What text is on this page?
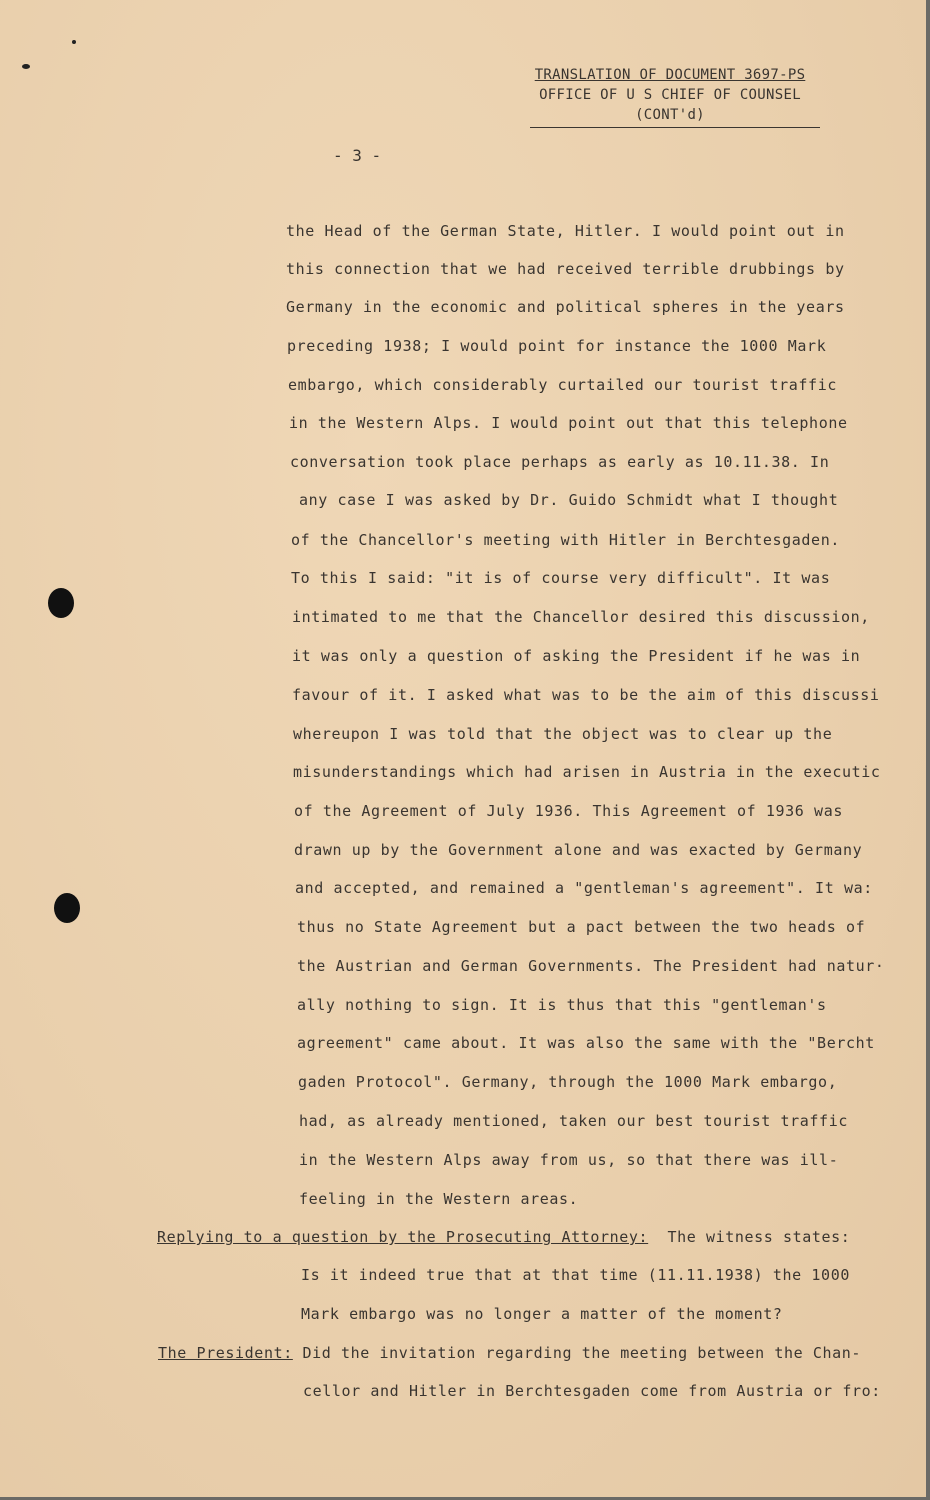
TRANSLATION OF DOCUMENT 3697-PS
OFFICE OF U S CHIEF OF COUNSEL
(CONT'd)
- 3 -
the Head of the German State, Hitler. I would point out in
this connection that we had received terrible drubbings by
Germany in the economic and political spheres in the years
preceding 1938; I would point for instance the 1000 Mark
embargo, which considerably curtailed our tourist traffic
in the Western Alps. I would point out that this telephone
conversation took place perhaps as early as 10.11.38. In
any case I was asked by Dr. Guido Schmidt what I thought
of the Chancellor's meeting with Hitler in Berchtesgaden.
To this I said: "it is of course very difficult". It was
intimated to me that the Chancellor desired this discussion,
it was only a question of asking the President if he was in
favour of it. I asked what was to be the aim of this discussi
whereupon I was told that the object was to clear up the
misunderstandings which had arisen in Austria in the executic
of the Agreement of July 1936. This Agreement of 1936 was
drawn up by the Government alone and was exacted by Germany
and accepted, and remained a "gentleman's agreement". It wa:
thus no State Agreement but a pact between the two heads of
the Austrian and German Governments. The President had natur·
ally nothing to sign. It is thus that this "gentleman's
agreement" came about. It was also the same with the "Bercht
gaden Protocol". Germany, through the 1000 Mark embargo,
had, as already mentioned, taken our best tourist traffic
in the Western Alps away from us, so that there was ill-
feeling in the Western areas.
Replying to a question by the Prosecuting Attorney: The witness states:
Is it indeed true that at that time (11.11.1938) the 1000
Mark embargo was no longer a matter of the moment?
The President: Did the invitation regarding the meeting between the Chan-
cellor and Hitler in Berchtesgaden come from Austria or fro:
